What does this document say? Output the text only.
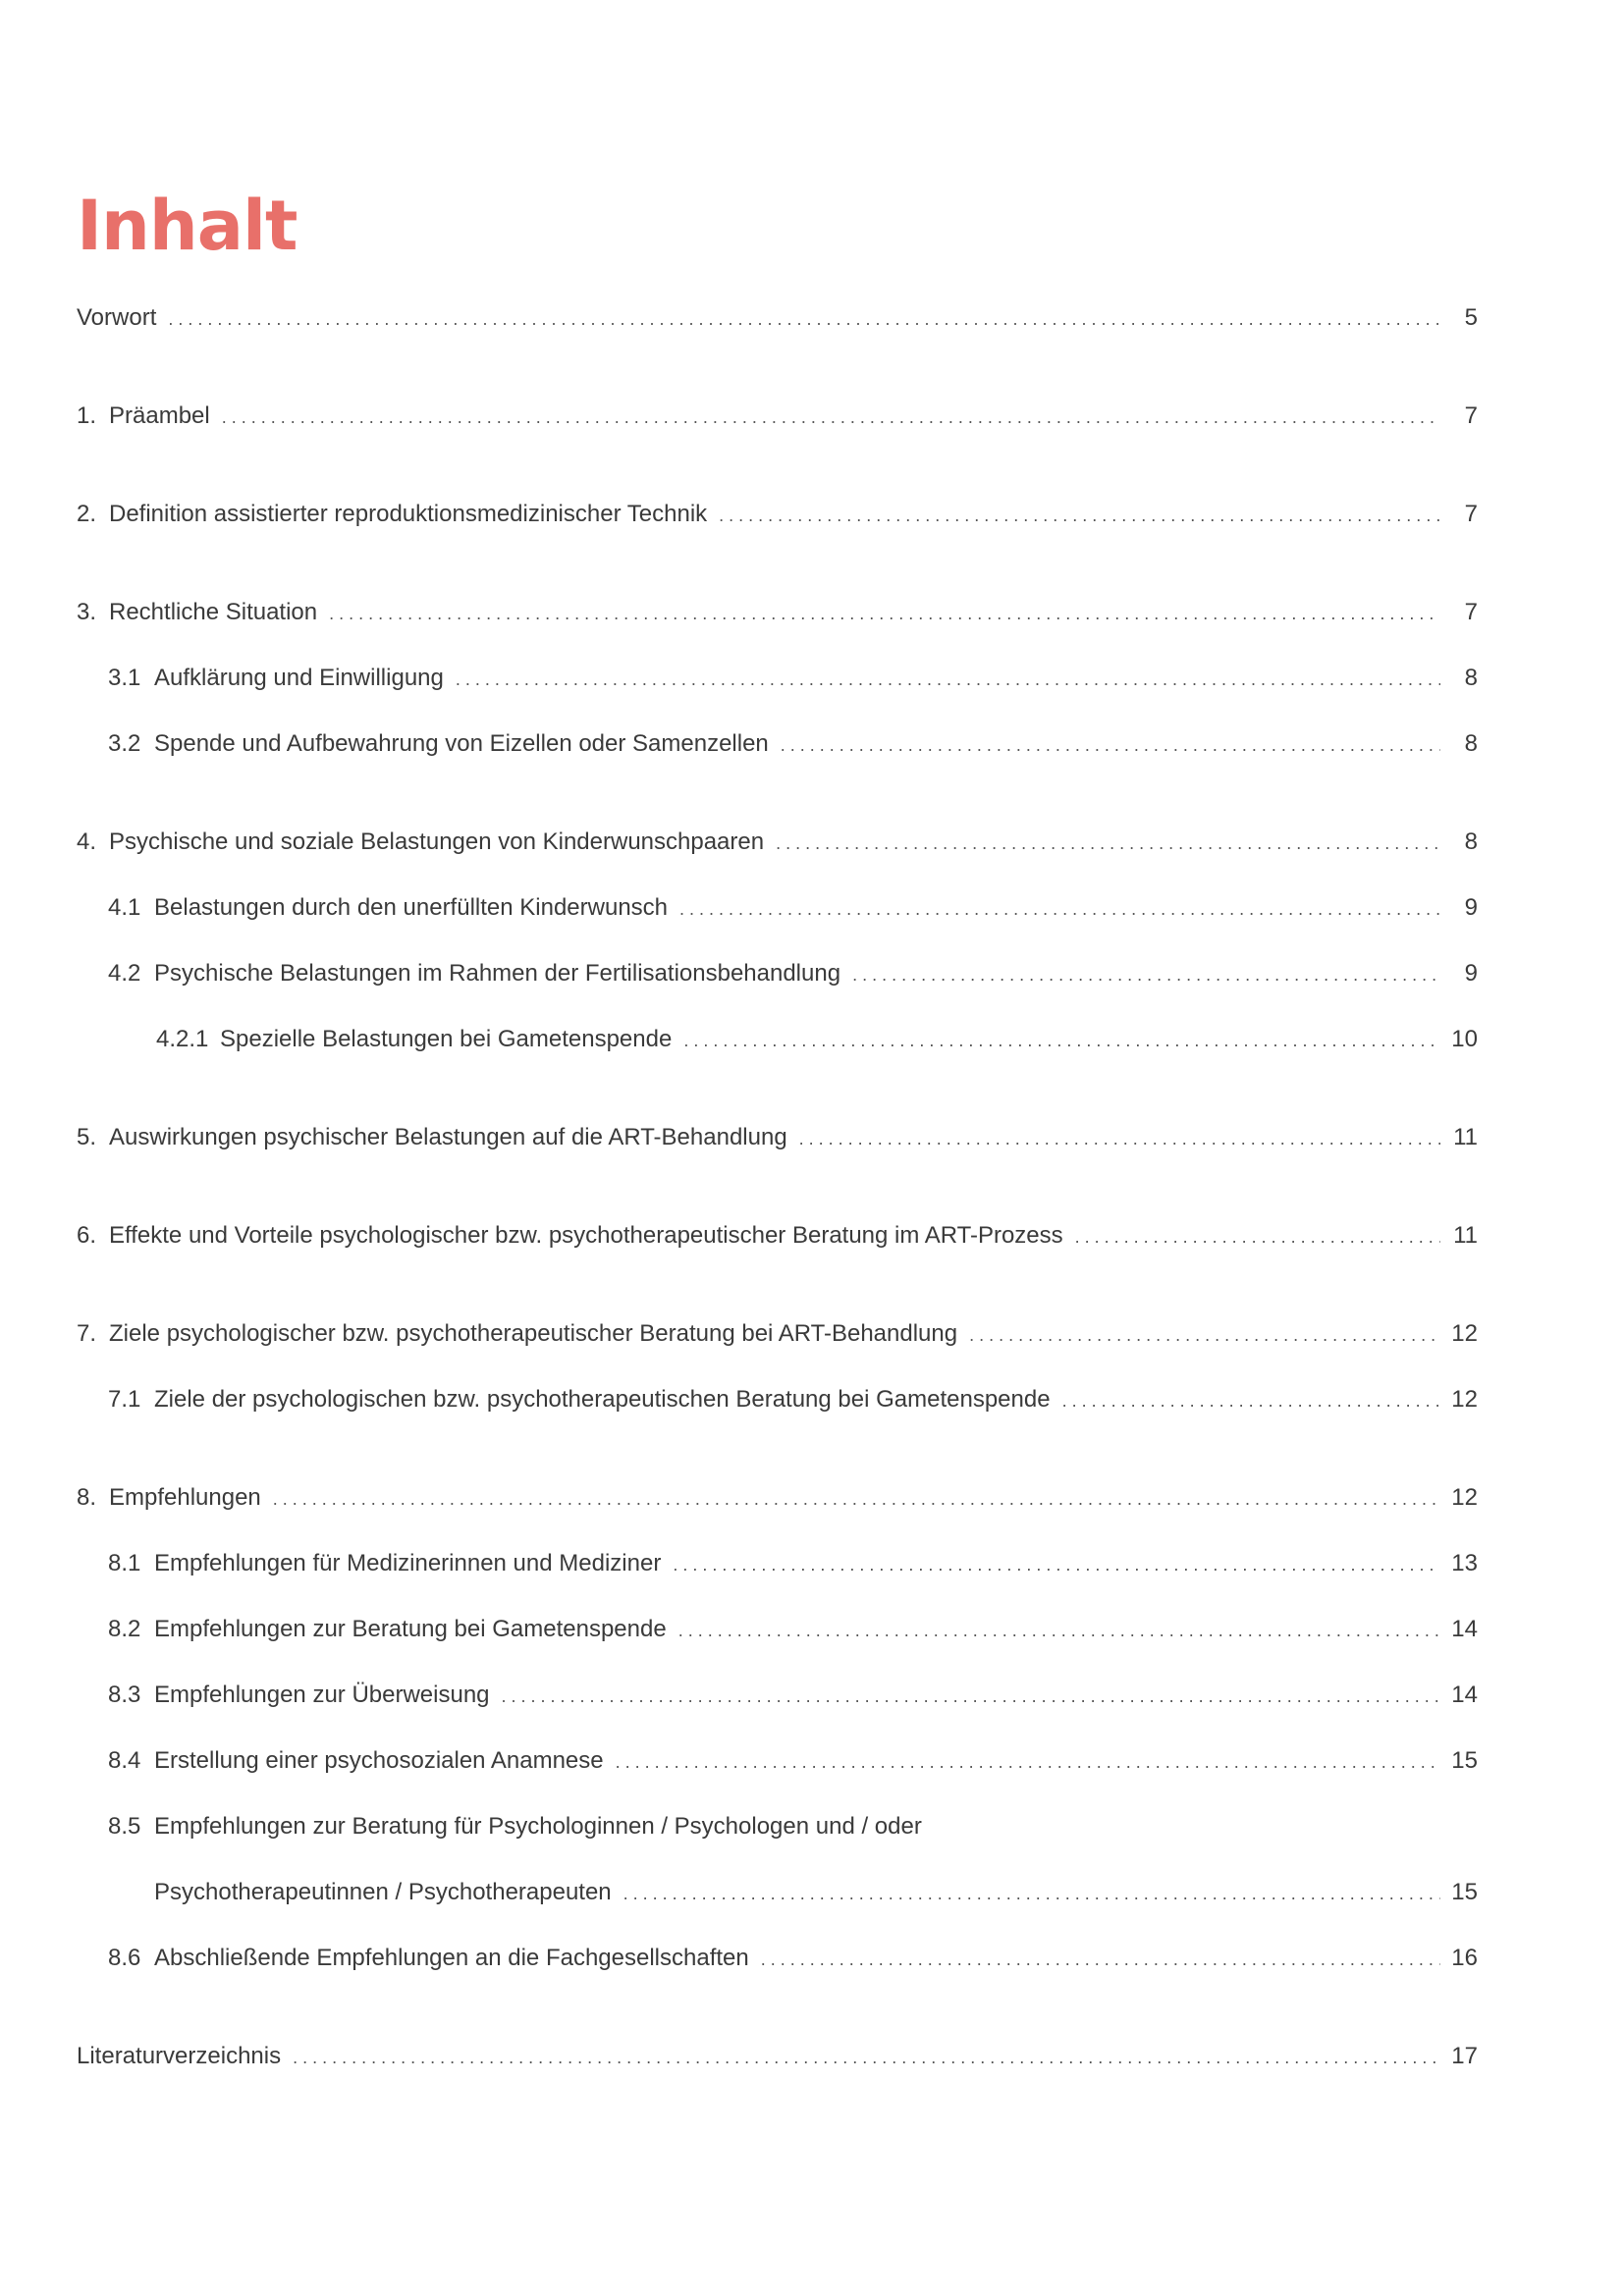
Inhalt
Vorwort . . .	5
1. Präambel . . .	7
2. Definition assistierter reproduktionsmedizinischer Technik . . .	7
3. Rechtliche Situation . . .	7
3.1 Aufklärung und Einwilligung . . .	8
3.2 Spende und Aufbewahrung von Eizellen oder Samenzellen . . .	8
4. Psychische und soziale Belastungen von Kinderwunschpaaren . . .	8
4.1 Belastungen durch den unerfüllten Kinderwunsch . . .	9
4.2 Psychische Belastungen im Rahmen der Fertilisationsbehandlung . . .	9
4.2.1 Spezielle Belastungen bei Gametenspende . . .	10
5. Auswirkungen psychischer Belastungen auf die ART-Behandlung . . .	11
6. Effekte und Vorteile psychologischer bzw. psychotherapeutischer Beratung im ART-Prozess . . .	11
7. Ziele psychologischer bzw. psychotherapeutischer Beratung bei ART-Behandlung . . .	12
7.1 Ziele der psychologischen bzw. psychotherapeutischen Beratung bei Gametenspende . . .	12
8. Empfehlungen . . .	12
8.1 Empfehlungen für Medizinerinnen und Mediziner . . .	13
8.2 Empfehlungen zur Beratung bei Gametenspende . . .	14
8.3 Empfehlungen zur Überweisung . . .	14
8.4 Erstellung einer psychosozialen Anamnese . . .	15
8.5 Empfehlungen zur Beratung für Psychologinnen / Psychologen und / oder
Psychotherapeutinnen / Psychotherapeuten . . .	15
8.6 Abschließende Empfehlungen an die Fachgesellschaften . . .	16
Literaturverzeichnis . . .	17
